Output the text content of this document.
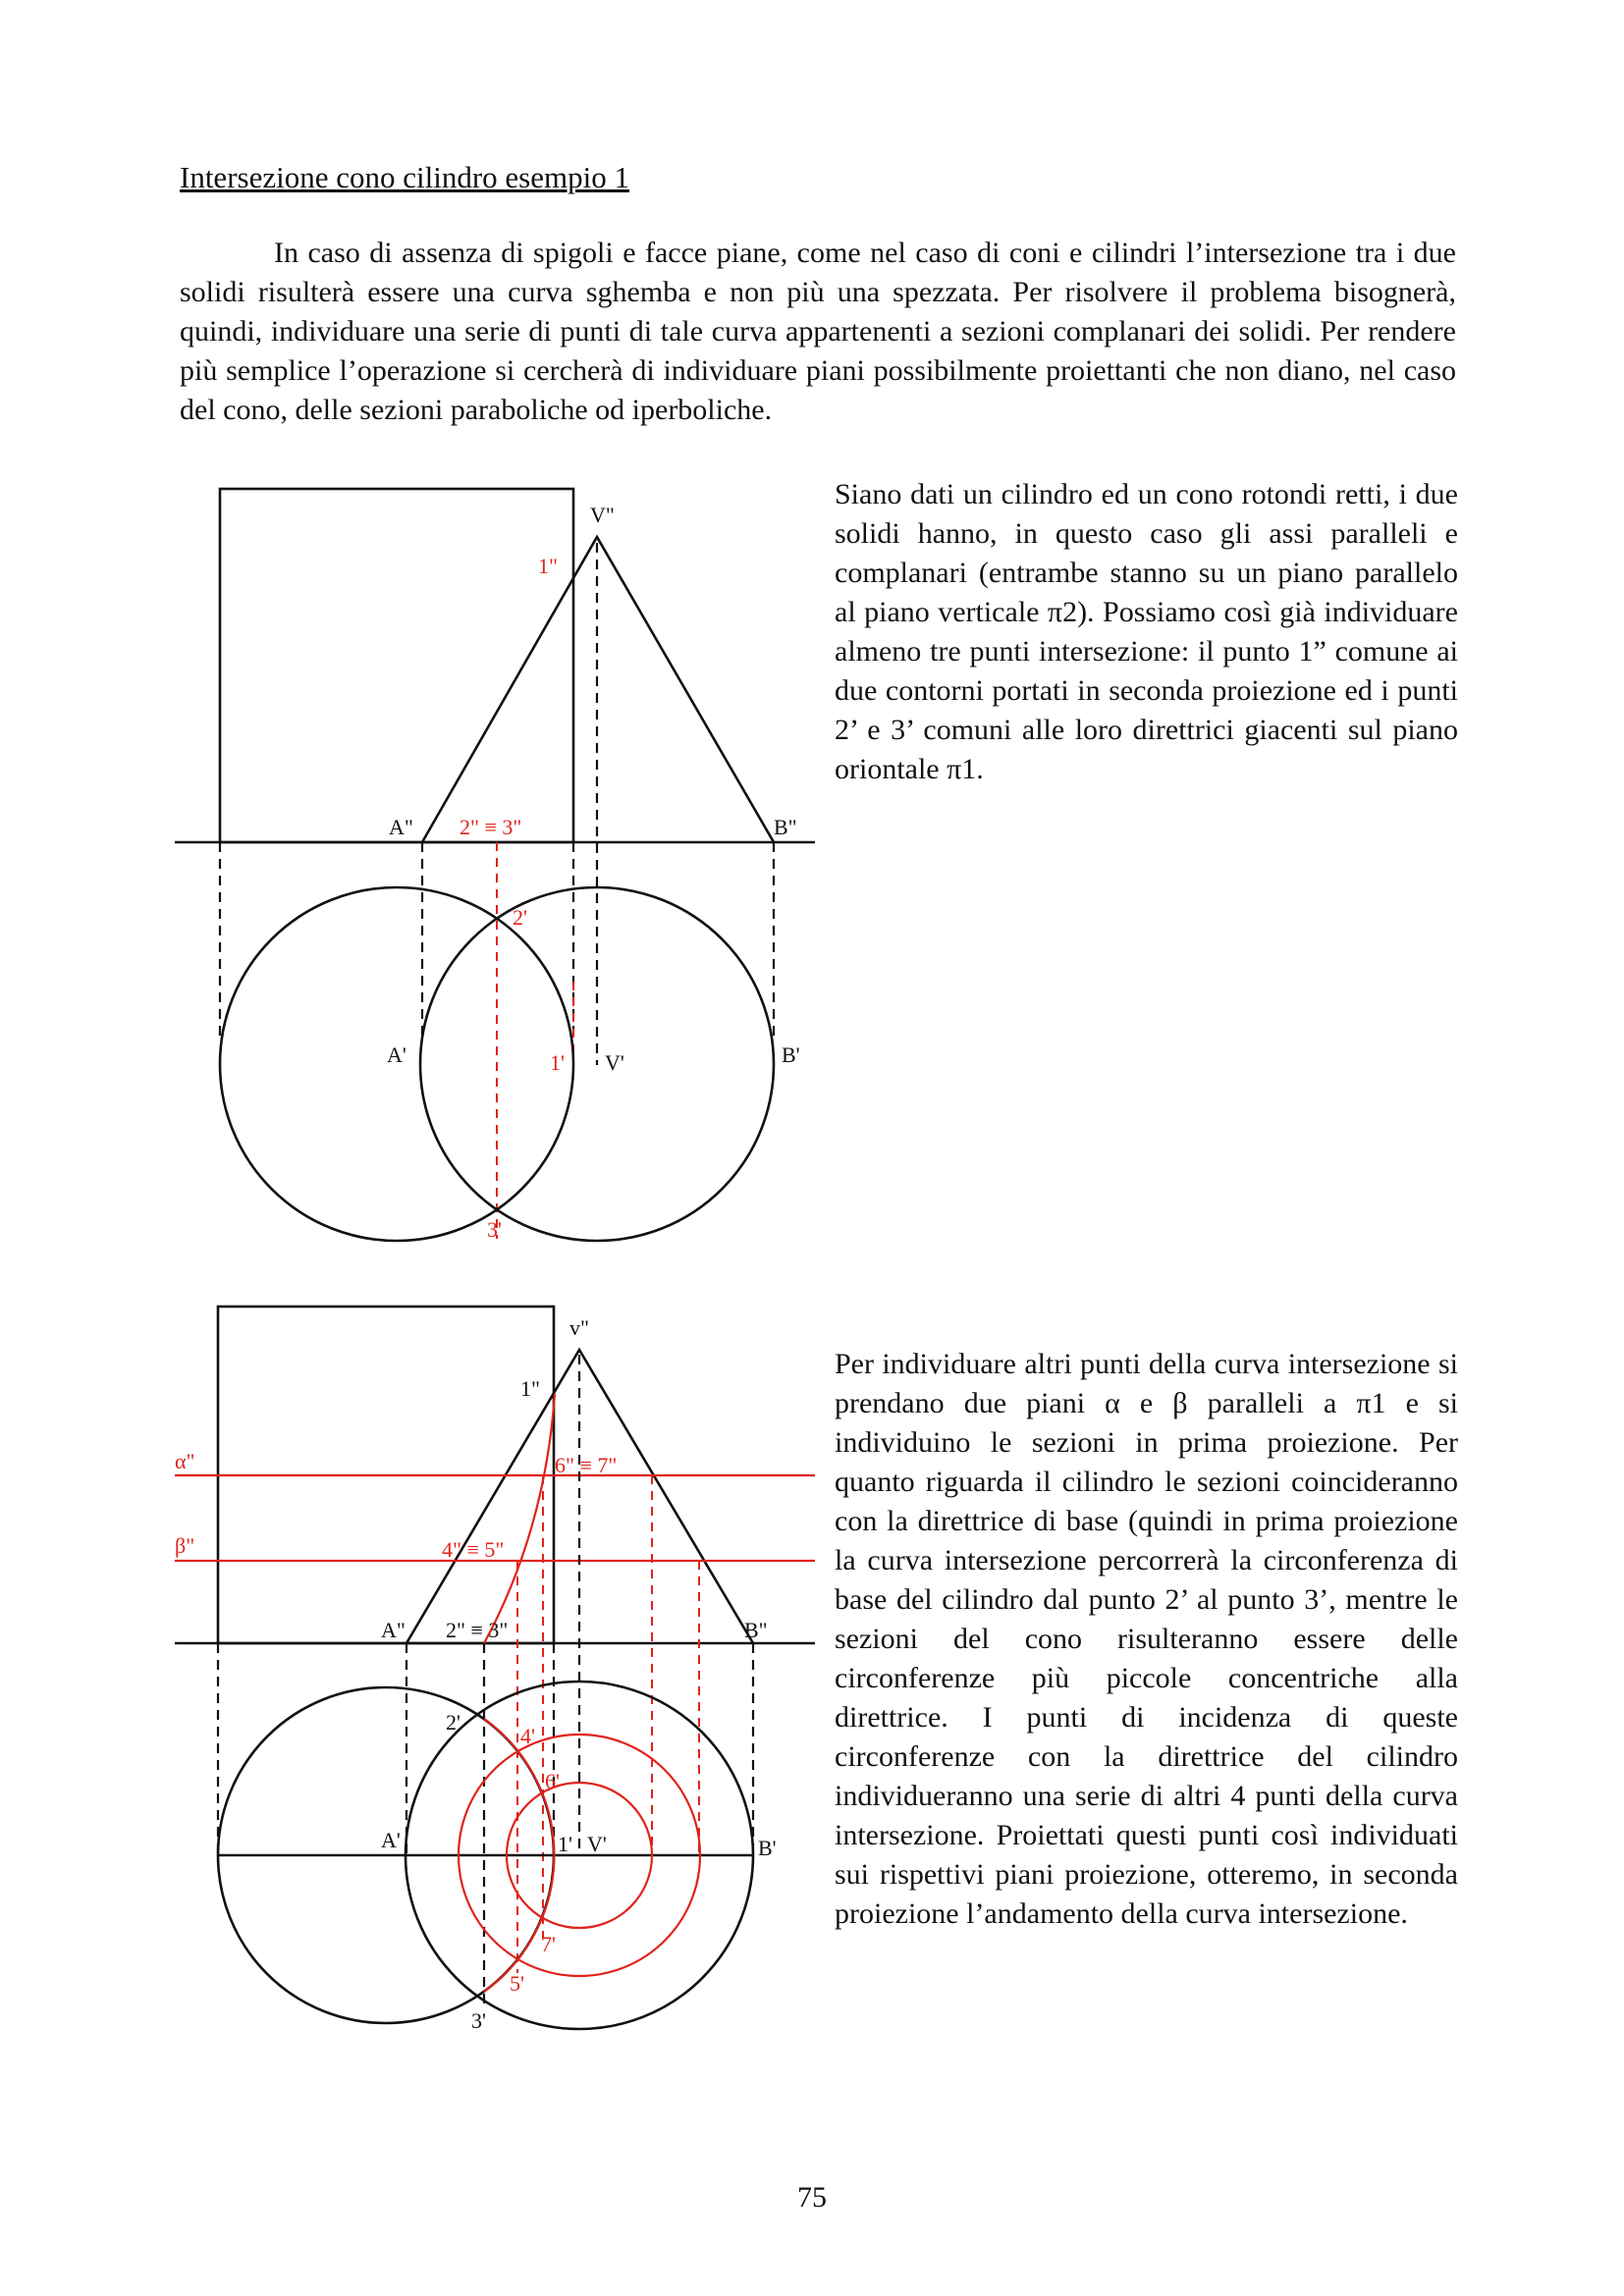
Intersezione cono cilindro esempio 1

In caso di assenza di spigoli e facce piane, come nel caso di coni e cilindri l’intersezione tra i due solidi risulterà essere una curva sghemba e non più una spezzata. Per risolvere il problema bisognerà, quindi, individuare una serie di punti di tale curva appartenenti a sezioni complanari dei solidi. Per rendere più semplice l’operazione si cercherà di individuare piani possibilmente proiettanti che non diano, nel caso del cono, delle sezioni paraboliche od iperboliche.

Siano dati un cilindro ed un cono rotondi retti, i due solidi hanno, in questo caso gli assi paralleli e complanari (entrambe stanno su un piano parallelo al piano verticale π2). Possiamo così già individuare almeno tre punti intersezione: il punto 1” comune ai due contorni portati in seconda proiezione ed i punti 2’ e 3’ comuni alle loro direttrici giacenti sul piano oriontale π1.

Per individuare altri punti della curva intersezione si prendano due piani α e β paralleli a π1 e si individuino le sezioni in prima proiezione. Per quanto riguarda il cilindro le sezioni coincideranno con la direttrice di base (quindi in prima proiezione la curva intersezione percorrerà la circonferenza di base del cilindro dal punto 2’ al punto 3’, mentre le sezioni del cono risulteranno essere delle circonferenze più piccole concentriche alla direttrice. I punti di incidenza di queste circonferenze con la direttrice del cilindro individueranno una serie di altri 4 punti della curva intersezione. Proiettati questi punti così individuati sui rispettivi piani proiezione, otteremo, in seconda proiezione l’andamento della curva intersezione.

75
V"
1"
A" 2" ≡ 3"	B"
2'
A'	1' V'	B'
3'
v"
1"
α"
β"
6" ≡ 7"
4" ≡ 5"
A" 2" ≡ 3"	B"
2'
4'
6'
A'	1' V'	B'
7'
5'
3'
